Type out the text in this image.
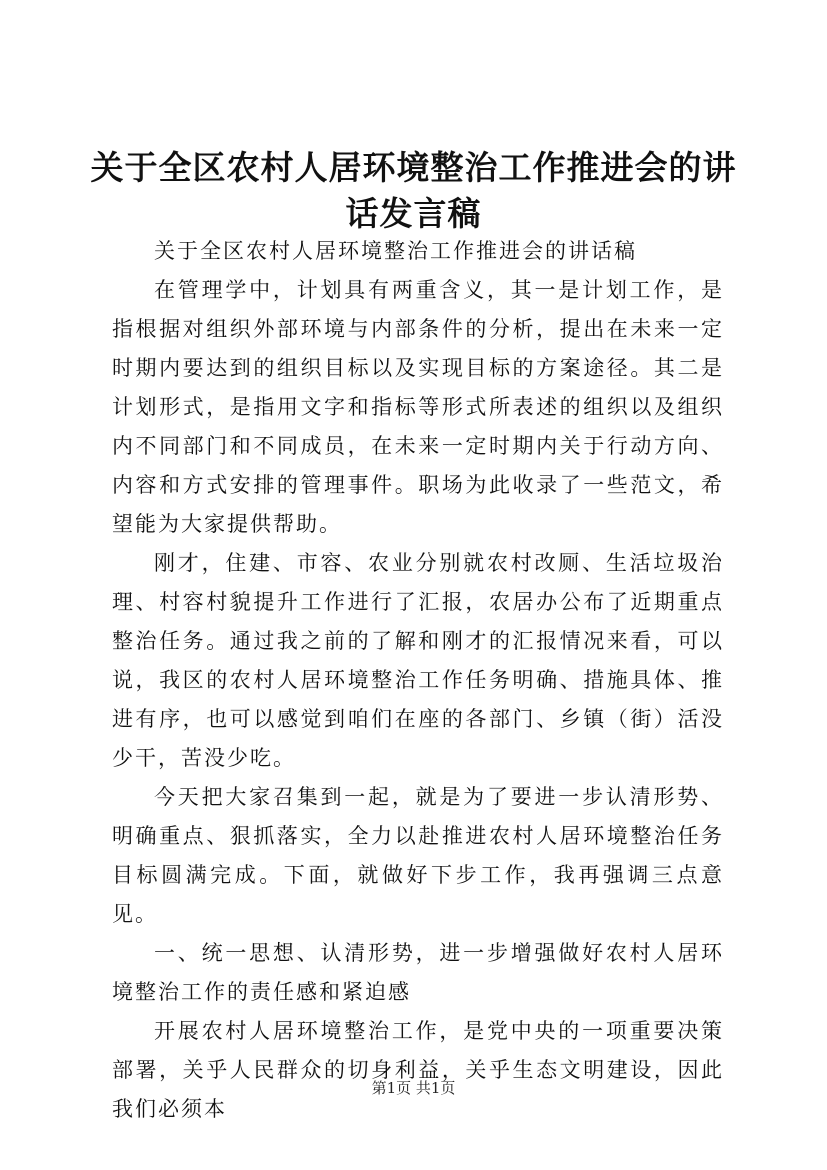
关于全区农村人居环境整治工作推进会的讲话发言稿

关于全区农村人居环境整治工作推进会的讲话稿

在管理学中，计划具有两重含义，其一是计划工作，是指根据对组织外部环境与内部条件的分析，提出在未来一定时期内要达到的组织目标以及实现目标的方案途径。其二是计划形式，是指用文字和指标等形式所表述的组织以及组织内不同部门和不同成员，在未来一定时期内关于行动方向、内容和方式安排的管理事件。职场为此收录了一些范文，希望能为大家提供帮助。

刚才，住建、市容、农业分别就农村改厕、生活垃圾治理、村容村貌提升工作进行了汇报，农居办公布了近期重点整治任务。通过我之前的了解和刚才的汇报情况来看，可以说，我区的农村人居环境整治工作任务明确、措施具体、推进有序，也可以感觉到咱们在座的各部门、乡镇（街）活没少干，苦没少吃。

今天把大家召集到一起，就是为了要进一步认清形势、明确重点、狠抓落实，全力以赴推进农村人居环境整治任务目标圆满完成。下面，就做好下步工作，我再强调三点意见。

一、统一思想、认清形势，进一步增强做好农村人居环境整治工作的责任感和紧迫感

开展农村人居环境整治工作，是党中央的一项重要决策部署，关乎人民群众的切身利益，关乎生态文明建设，因此我们必须本

第1页 共1页
